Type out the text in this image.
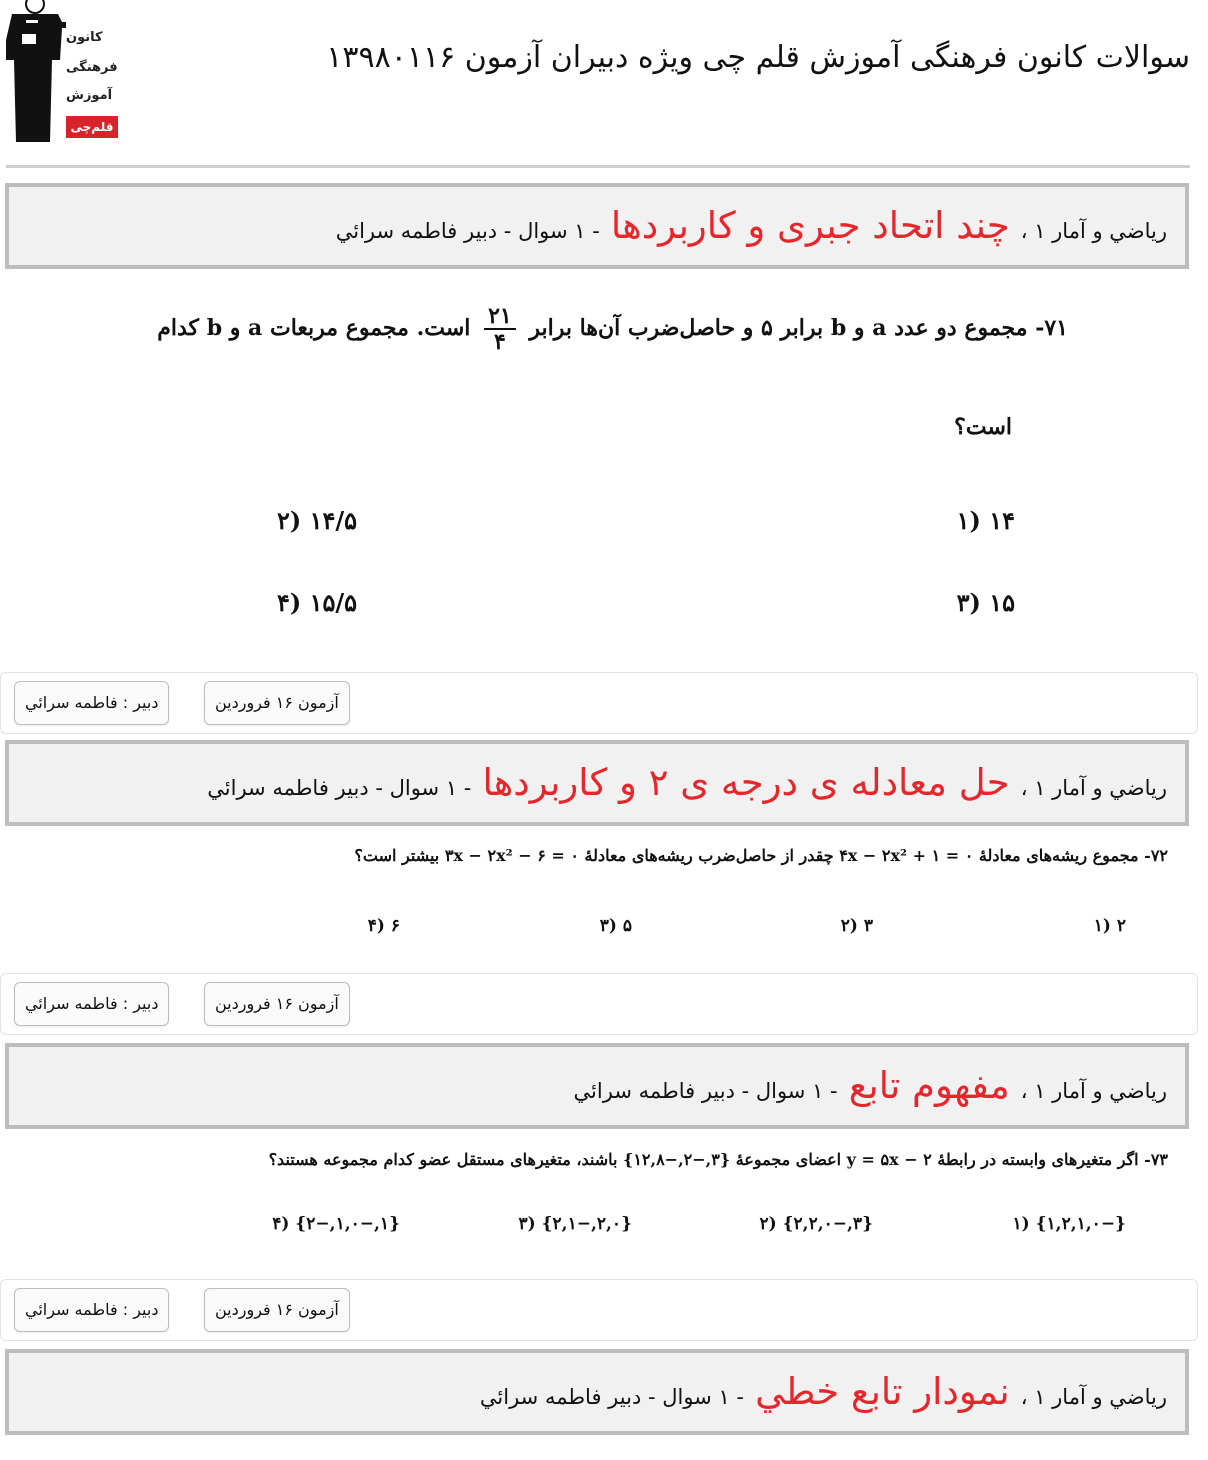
کانون
فرهنگی
آموزش
قلم‌چی
سوالات کانون فرهنگی آموزش قلم چی ویژه دبیران آزمون ۱۳۹۸۰۱۱۶
رياضي و آمار ۱ ، چند اتحاد جبری و کاربردها - ۱ سوال - دبير فاطمه سرائي
۷۱- مجموع دو عدد a و b برابر ۵ و حاصل‌ضرب آن‌ها برابر
$\frac{۲۱}{۴}$
است. مجموع مربعات a و b کدام
است؟
۱۴ (۱
۱۴/۵ (۲
۱۵ (۳
۱۵/۵ (۴
دبير : فاطمه سرائي	آزمون ۱۶ فروردين
رياضي و آمار ۱ ، حل معادله ی درجه ی ۲ و کاربردها - ۱ سوال - دبير فاطمه سرائي
۷۲- مجموع ریشه‌های معادلهٔ ۰ = ۱ + ۴x − ۲x² چقدر از حاصل‌ضرب ریشه‌های معادلهٔ ۰ = ۶ − ۳x − ۲x² بیشتر است؟
۲ (۱
۳ (۲
۵ (۳
۶ (۴
دبير : فاطمه سرائي	آزمون ۱۶ فروردين
رياضي و آمار ۱ ، مفهوم تابع - ۱ سوال - دبير فاطمه سرائي
۷۳- اگر متغیرهای وابسته در رابطهٔ y = ۵x − ۲ اعضای مجموعهٔ {۳,−۲,−۱۲,۸} باشند، متغیرهای مستقل عضو کدام مجموعه هستند؟
{−۱,۲,۱,۰} (۱
{۳,−۲,۲,۰} (۲
{۲,۰,−۲,۱} (۳
{۱,−۱,۰,−۲} (۴
دبير : فاطمه سرائي	آزمون ۱۶ فروردين
رياضي و آمار ۱ ، نمودار تابع خطي - ۱ سوال - دبير فاطمه سرائي
